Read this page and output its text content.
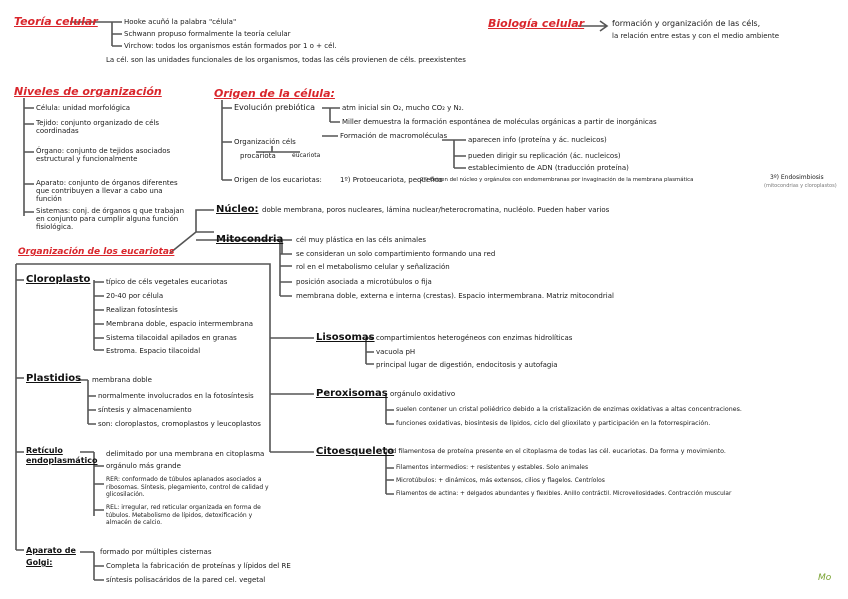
Teoría celular	Hooke acuñó la palabra "célula"
Schwann propuso formalmente la teoría celular
Virchow: todos los organismos están formados por 1 o + cél.
La cél. son las unidades funcionales de los organismos, todas las céls provienen de céls. preexistentes
Biología celular	formación y organización de las céls,
la relación entre estas y con el medio ambiente
Niveles de organización
Célula: unidad morfológica
Tejido: conjunto organizado de céls coordinadas
Órgano: conjunto de tejidos asociados estructural y funcionalmente
Aparato: conjunto de órganos diferentes que contribuyen a llevar a cabo una función
Sistemas: conj. de órganos q que trabajan en conjunto para cumplir alguna función fisiológica.
Origen de la célula:
Evolución prebiótica	atm inicial sin O₂, mucho CO₂ y N₂.
Miller demuestra la formación espontánea de moléculas orgánicas a partir de inorgánicas
Formación de macromoléculas	aparecen info (proteína y ác. nucleicos)
pueden dirigir su replicación (ác. nucleicos)
establecimiento de ADN (traducción proteína)
Organización céls
procariota	eucariota
Origen de los eucariotas:	1º) Protoeucariota, pequeños
2º) Origen del núcleo y orgánulos con endomembranas por invaginación de la membrana plasmática	3º) Endosimbiosis
(mitocondrias y cloroplastos)
Organización de los eucariotas
Núcleo: doble membrana, poros nucleares, lámina nuclear/heterocromatina, nucléolo. Pueden haber varios
Mitocondria cél muy plástica en las céls animales
se consideran un solo compartimiento formando una red
rol en el metabolismo celular y señalización
posición asociada a microtúbulos o fija
membrana doble, externa e interna (crestas). Espacio intermembrana. Matriz mitocondrial
Lisosomas compartimientos heterogéneos con enzimas hidrolíticas
vacuola pH
principal lugar de digestión, endocitosis y autofagia
Peroxisomas orgánulo oxidativo
suelen contener un cristal poliédrico debido a la cristalización de enzimas oxidativas a altas concentraciones.
funciones oxidativas, biosíntesis de lípidos, ciclo del glioxilato y participación en la fotorrespiración.
Citoesqueleto
red filamentosa de proteína presente en el citoplasma de todas las cél. eucariotas. Da forma y movimiento.
Filamentos intermedios: + resistentes y estables. Solo animales
Microtúbulos: + dinámicos, más extensos, cilios y flagelos. Centríolos
Filamentos de actina: + delgados abundantes y flexibles. Anillo contráctil. Microvellosidades. Contracción muscular
Cloroplasto típico de céls vegetales eucariotas
20-40 por célula
Realizan fotosíntesis
Membrana doble, espacio intermembrana
Sistema tilacoidal apilados en granas
Estroma. Espacio tilacoidal
Plastidios membrana doble
normalmente involucrados en la fotosíntesis
síntesis y almacenamiento
son: cloroplastos, cromoplastos y leucoplastos
Retículo
endoplasmático
delimitado por una membrana en citoplasma
orgánulo más grande
RER: conformado de túbulos aplanados asociados a ribosomas. Síntesis, plegamiento, control de calidad y glicosilación.
REL: irregular, red reticular organizada en forma de túbulos. Metabolismo de lípidos, detoxificación y almacén de calcio.
Aparato de
Golgi:
formado por múltiples cisternas
Completa la fabricación de proteínas y lípidos del RE
síntesis polisacáridos de la pared cel. vegetal	Mo
